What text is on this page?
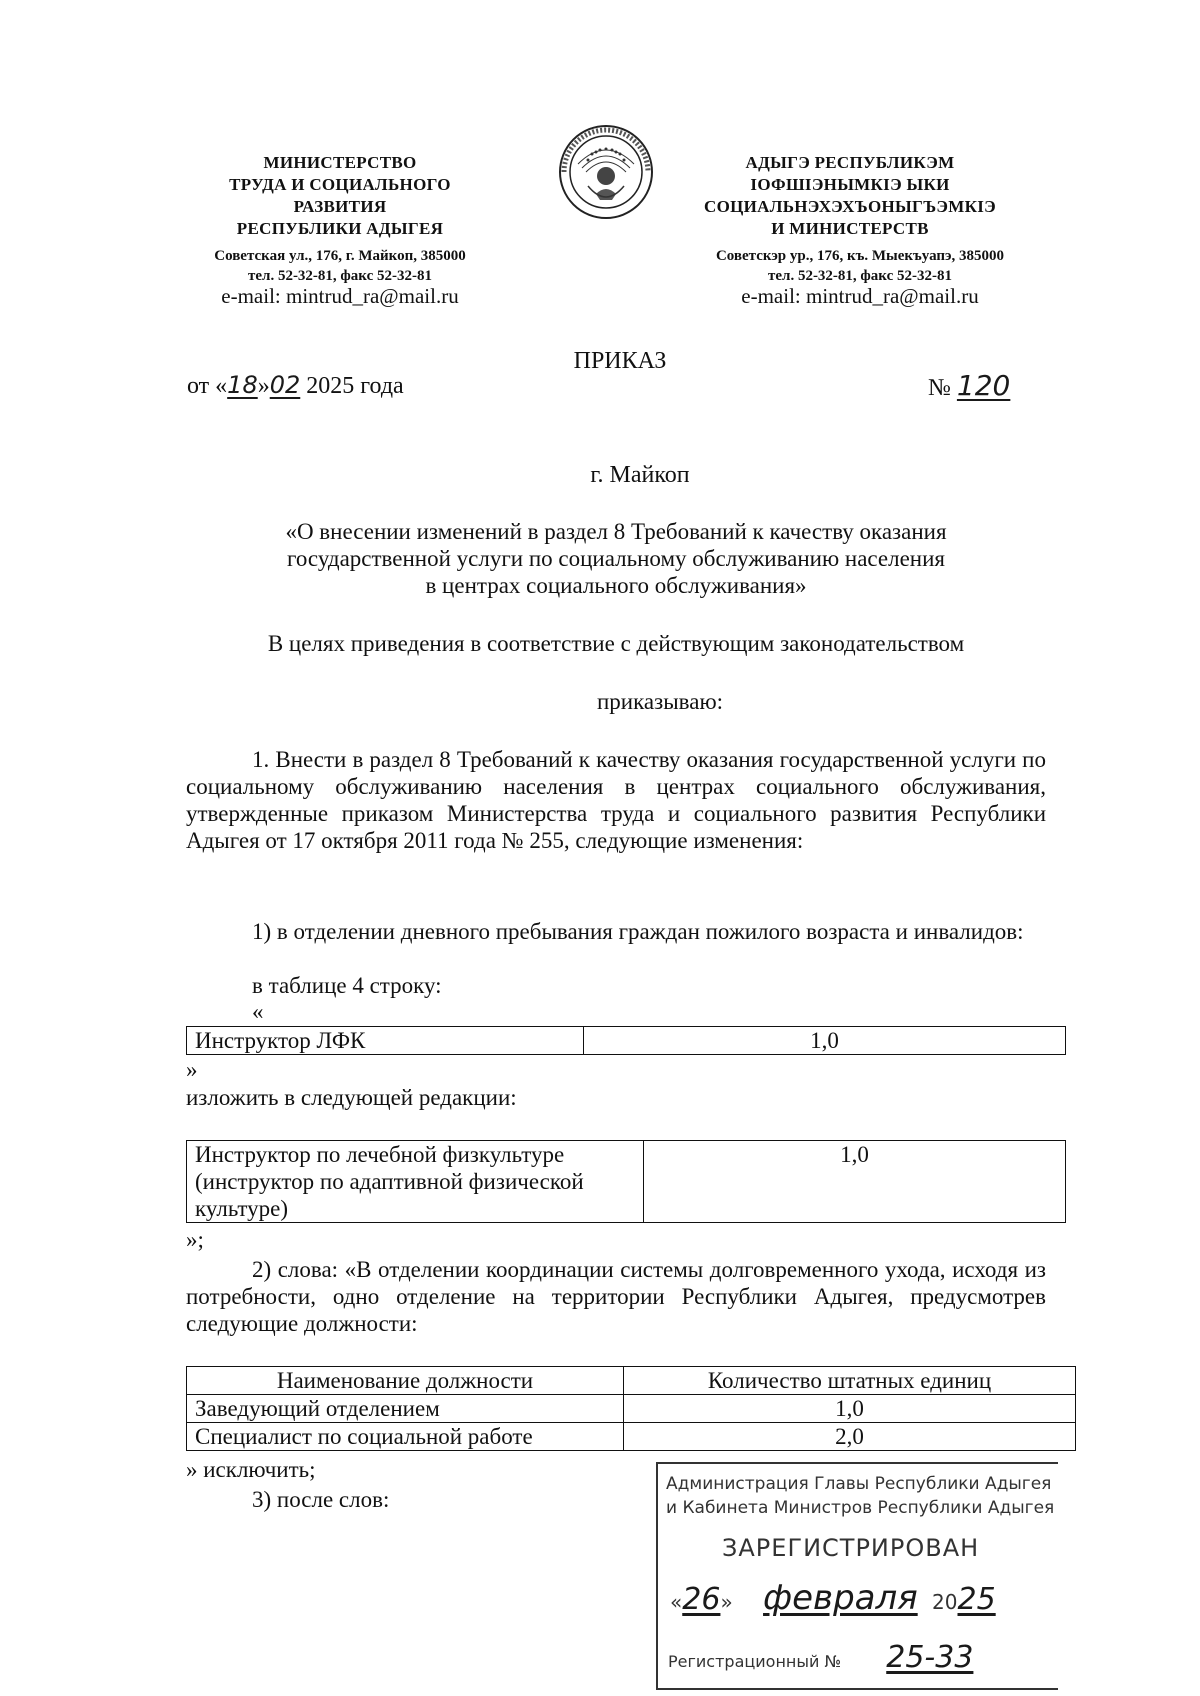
МИНИСТЕРСТВО
ТРУДА И СОЦИАЛЬНОГО
РАЗВИТИЯ
РЕСПУБЛИКИ АДЫГЕЯ
Советская ул., 176, г. Майкоп, 385000
тел. 52-32-81, факс 52-32-81
e-mail: mintrud_ra@mail.ru
АДЫГЭ РЕСПУБЛИКЭМ
ІОФШІЭНЫМКІЭ ЫКИ
СОЦИАЛЬНЭХЭХЪОНЫГЪЭМКІЭ
И МИНИСТЕРСТВ
Советскэр ур., 176, къ. Мыекъуапэ, 385000
тел. 52-32-81, факс 52-32-81
e-mail: mintrud_ra@mail.ru
ПРИКАЗ
от «18»02 2025 года	№ 120
г. Майкоп
«О внесении изменений в раздел 8 Требований к качеству оказания
государственной услуги по социальному обслуживанию населения
в центрах социального обслуживания»
В целях приведения в соответствие с действующим законодательством
приказываю:
1. Внести в раздел 8 Требований к качеству оказания государственной услуги по социальному обслуживанию населения в центрах социального обслуживания, утвержденные приказом Министерства труда и социального развития Республики Адыгея от 17 октября 2011 года № 255, следующие изменения:
1) в отделении дневного пребывания граждан пожилого возраста и инвалидов:
в таблице 4 строку:
«
Инструктор ЛФК	1,0
»
изложить в следующей редакции:
Инструктор по лечебной физкультуре (инструктор по адаптивной физической культуре)	1,0
»;
2) слова: «В отделении координации системы долговременного ухода, исходя из потребности, одно отделение на территории Республики Адыгея, предусмотрев следующие должности:
Наименование должности	Количество штатных единиц
Заведующий отделением	1,0
Специалист по социальной работе	2,0
» исключить;
3) после слов:
Администрация Главы Республики Адыгея
и Кабинета Министров Республики Адыгея
ЗАРЕГИСТРИРОВАН
«26» февраля 2025
Регистрационный № 25-33
